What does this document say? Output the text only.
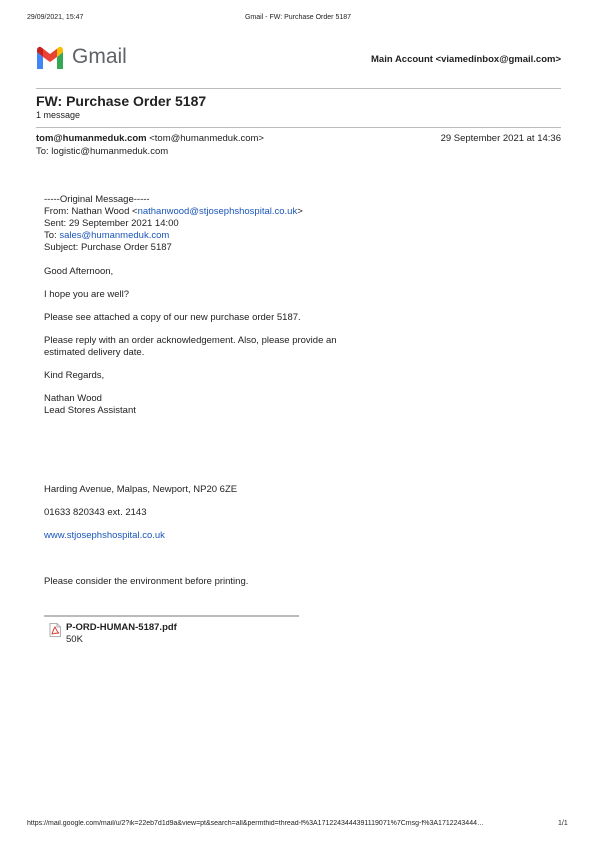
29/09/2021, 15:47	Gmail - FW: Purchase Order 5187
Gmail	Main Account <viamedinbox@gmail.com>
FW: Purchase Order 5187
1 message
tom@humanmeduk.com <tom@humanmeduk.com>	29 September 2021 at 14:36
To: logistic@humanmeduk.com
-----Original Message-----
From: Nathan Wood <nathanwood@stjosephshospital.co.uk>
Sent: 29 September 2021 14:00
To: sales@humanmeduk.com
Subject: Purchase Order 5187
Good Afternoon,
I hope you are well?
Please see attached a copy of our new purchase order 5187.
Please reply with an order acknowledgement. Also, please provide an
estimated delivery date.
Kind Regards,
Nathan Wood
Lead Stores Assistant
Harding Avenue, Malpas, Newport, NP20 6ZE
01633 820343 ext. 2143
www.stjosephshospital.co.uk
Please consider the environment before printing.
P-ORD-HUMAN-5187.pdf
50K
https://mail.google.com/mail/u/2?ik=22eb7d1d9a&view=pt&search=all&permthid=thread-f%3A1712243444391119071%7Cmsg-f%3A1712243444…	1/1
